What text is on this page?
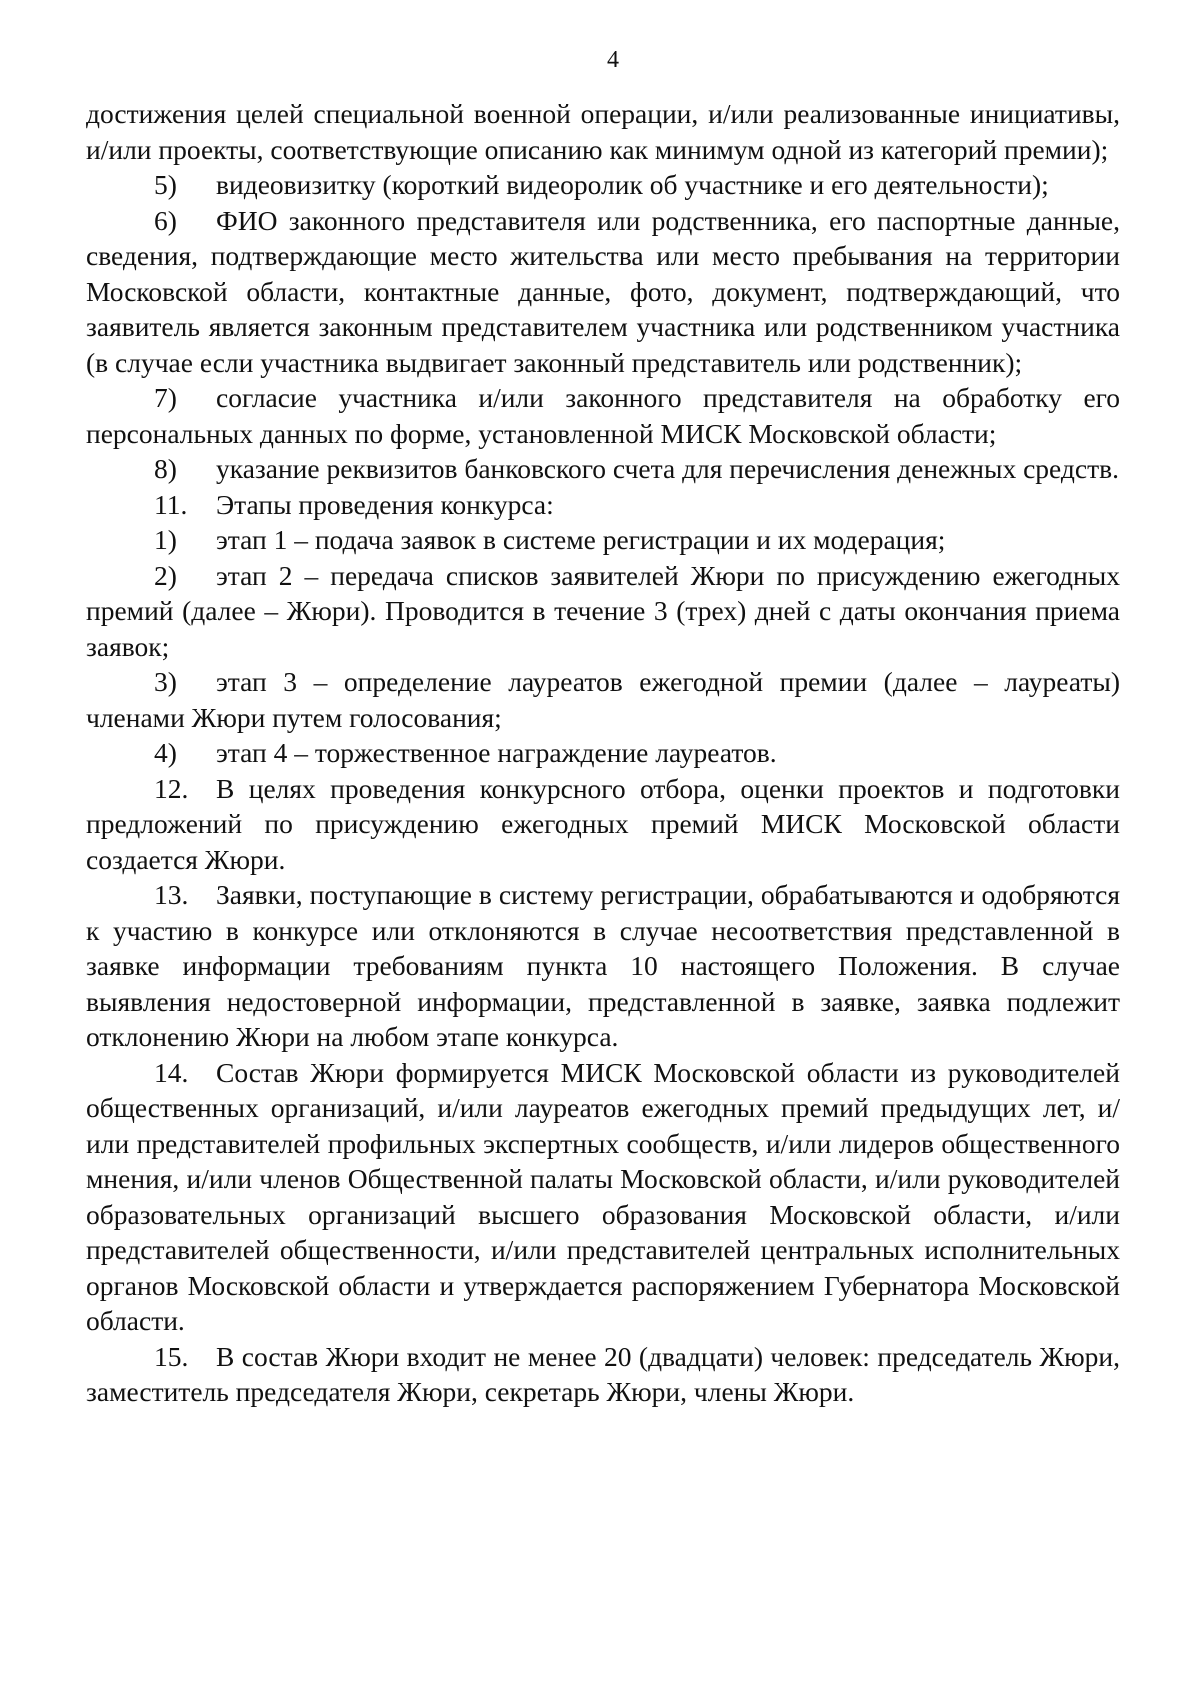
4

достижения целей специальной военной операции, и/или реализованные инициативы, и/или проекты, соответствующие описанию как минимум одной из категорий премии);

5) видеовизитку (короткий видеоролик об участнике и его деятельности);

6) ФИО законного представителя или родственника, его паспортные данные, сведения, подтверждающие место жительства или место пребывания на территории Московской области, контактные данные, фото, документ, подтверждающий, что заявитель является законным представителем участника или родственником участника (в случае если участника выдвигает законный представитель или родственник);

7) согласие участника и/или законного представителя на обработку его персональных данных по форме, установленной МИСК Московской области;

8) указание реквизитов банковского счета для перечисления денежных средств.

11. Этапы проведения конкурса:

1) этап 1 – подача заявок в системе регистрации и их модерация;

2) этап 2 – передача списков заявителей Жюри по присуждению ежегодных премий (далее – Жюри). Проводится в течение 3 (трех) дней с даты окончания приема заявок;

3) этап 3 – определение лауреатов ежегодной премии (далее – лауреаты) членами Жюри путем голосования;

4) этап 4 – торжественное награждение лауреатов.

12. В целях проведения конкурсного отбора, оценки проектов и подготовки предложений по присуждению ежегодных премий МИСК Московской области создается Жюри.

13. Заявки, поступающие в систему регистрации, обрабатываются и одобряются к участию в конкурсе или отклоняются в случае несоответствия представленной в заявке информации требованиям пункта 10 настоящего Положения. В случае выявления недостоверной информации, представленной в заявке, заявка подлежит отклонению Жюри на любом этапе конкурса.

14. Состав Жюри формируется МИСК Московской области из руководителей общественных организаций, и/или лауреатов ежегодных премий предыдущих лет, и/или представителей профильных экспертных сообществ, и/или лидеров общественного мнения, и/или членов Общественной палаты Московской области, и/или руководителей образовательных организаций высшего образования Московской области, и/или представителей общественности, и/или представителей центральных исполнительных органов Московской области и утверждается распоряжением Губернатора Московской области.

15. В состав Жюри входит не менее 20 (двадцати) человек: председатель Жюри, заместитель председателя Жюри, секретарь Жюри, члены Жюри.
